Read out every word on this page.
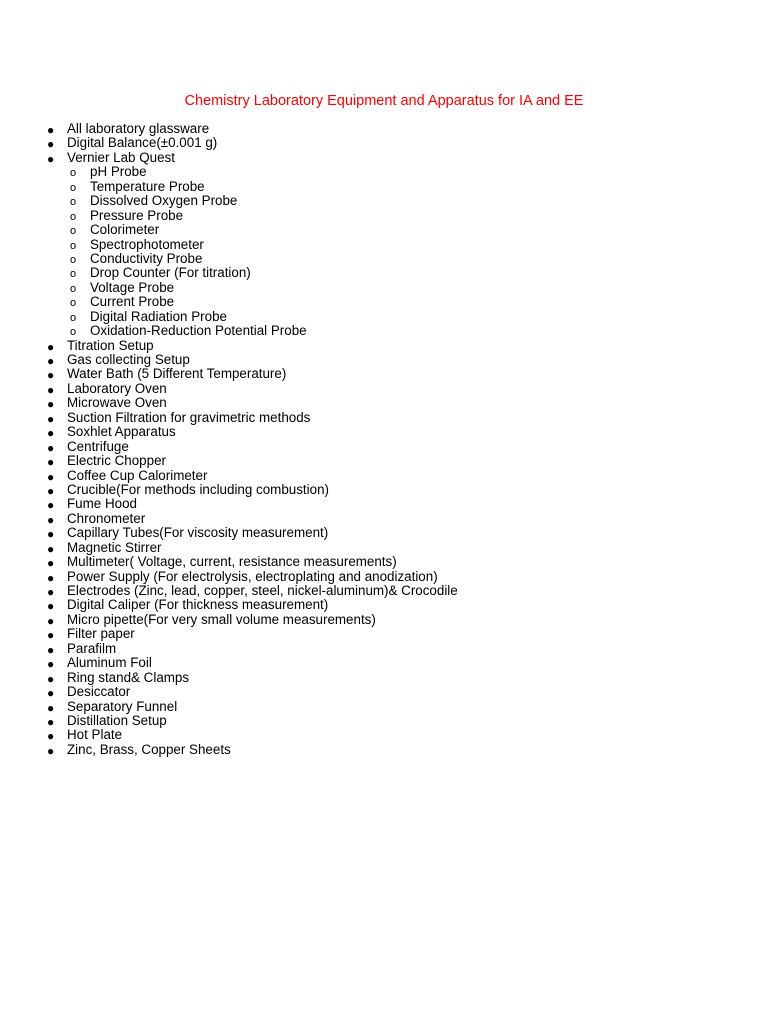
Chemistry Laboratory Equipment and Apparatus for IA and EE
● All laboratory glassware
● Digital Balance(±0.001 g)
● Vernier Lab Quest
o pH Probe
o Temperature Probe
o Dissolved Oxygen Probe
o Pressure Probe
o Colorimeter
o Spectrophotometer
o Conductivity Probe
o Drop Counter (For titration)
o Voltage Probe
o Current Probe
o Digital Radiation Probe
o Oxidation-Reduction Potential Probe
● Titration Setup
● Gas collecting Setup
● Water Bath (5 Different Temperature)
● Laboratory Oven
● Microwave Oven
● Suction Filtration for gravimetric methods
● Soxhlet Apparatus
● Centrifuge
● Electric Chopper
● Coffee Cup Calorimeter
● Crucible(For methods including combustion)
● Fume Hood
● Chronometer
● Capillary Tubes(For viscosity measurement)
● Magnetic Stirrer
● Multimeter( Voltage, current, resistance measurements)
● Power Supply (For electrolysis, electroplating and anodization)
● Electrodes (Zinc, lead, copper, steel, nickel-aluminum)& Crocodile
● Digital Caliper (For thickness measurement)
● Micro pipette(For very small volume measurements)
● Filter paper
● Parafilm
● Aluminum Foil
● Ring stand& Clamps
● Desiccator
● Separatory Funnel
● Distillation Setup
● Hot Plate
● Zinc, Brass, Copper Sheets
